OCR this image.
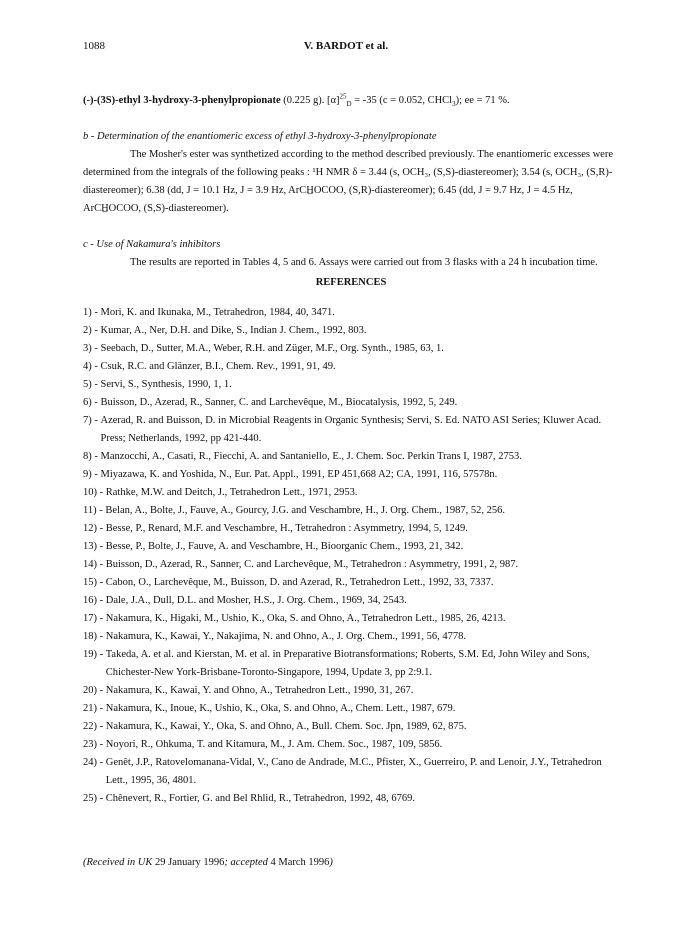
1088	V. BARDOT et al.

(-)-(3S)-ethyl 3-hydroxy-3-phenylpropionate (0.225 g). $[\alpha]^{25}_D = -35$ (c = 0.052, CHCl$_3$); ee = 71 %.

b - Determination of the enantiomeric excess of ethyl 3-hydroxy-3-phenylpropionate

The Mosher's ester was synthetized according to the method described previously. The enantiomeric excesses were determined from the integrals of the following peaks : ¹H NMR δ = 3.44 (s, OCH₃, (S,S)-diastereomer); 3.54 (s, OCH₃, (S,R)-diastereomer); 6.38 (dd, J = 10.1 Hz, J = 3.9 Hz, ArCH̲OCOO, (S,R)-diastereomer); 6.45 (dd, J = 9.7 Hz, J = 4.5 Hz, ArCH̲OCOO, (S,S)-diastereomer).

c - Use of Nakamura's inhibitors

The results are reported in Tables 4, 5 and 6. Assays were carried out from 3 flasks with a 24 h incubation time.

REFERENCES

1) - Mori, K. and Ikunaka, M., Tetrahedron, 1984, 40, 3471.
2) - Kumar, A., Ner, D.H. and Dike, S., Indian J. Chem., 1992, 803.
3) - Seebach, D., Sutter, M.A., Weber, R.H. and Züger, M.F., Org. Synth., 1985, 63, 1.
4) - Csuk, R.C. and Glänzer, B.I., Chem. Rev., 1991, 91, 49.
5) - Servi, S., Synthesis, 1990, 1, 1.
6) - Buisson, D., Azerad, R., Sanner, C. and Larchevêque, M., Biocatalysis, 1992, 5, 249.
7) - Azerad, R. and Buisson, D. in Microbial Reagents in Organic Synthesis; Servi, S. Ed. NATO ASI Series; Kluwer Acad. Press; Netherlands, 1992, pp 421-440.
8) - Manzocchi, A., Casati, R., Fiecchi, A. and Santaniello, E., J. Chem. Soc. Perkin Trans I, 1987, 2753.
9) - Miyazawa, K. and Yoshida, N., Eur. Pat. Appl., 1991, EP 451,668 A2; CA, 1991, 116, 57578n.
10) - Rathke, M.W. and Deitch, J., Tetrahedron Lett., 1971, 2953.
11) - Belan, A., Bolte, J., Fauve, A., Gourcy, J.G. and Veschambre, H., J. Org. Chem., 1987, 52, 256.
12) - Besse, P., Renard, M.F. and Veschambre, H., Tetrahedron : Asymmetry, 1994, 5, 1249.
13) - Besse, P., Bolte, J., Fauve, A. and Veschambre, H., Bioorganic Chem., 1993, 21, 342.
14) - Buisson, D., Azerad, R., Sanner, C. and Larchevêque, M., Tetrahedron : Asymmetry, 1991, 2, 987.
15) - Cabon, O., Larchevêque, M., Buisson, D. and Azerad, R., Tetrahedron Lett., 1992, 33, 7337.
16) - Dale, J.A., Dull, D.L. and Mosher, H.S., J. Org. Chem., 1969, 34, 2543.
17) - Nakamura, K., Higaki, M., Ushio, K., Oka, S. and Ohno, A., Tetrahedron Lett., 1985, 26, 4213.
18) - Nakamura, K., Kawai, Y., Nakajima, N. and Ohno, A., J. Org. Chem., 1991, 56, 4778.
19) - Takeda, A. et al. and Kierstan, M. et al. in Preparative Biotransformations; Roberts, S.M. Ed, John Wiley and Sons, Chichester-New York-Brisbane-Toronto-Singapore, 1994, Update 3, pp 2:9.1.
20) - Nakamura, K., Kawai, Y. and Ohno, A., Tetrahedron Lett., 1990, 31, 267.
21) - Nakamura, K., Inoue, K., Ushio, K., Oka, S. and Ohno, A., Chem. Lett., 1987, 679.
22) - Nakamura, K., Kawai, Y., Oka, S. and Ohno, A., Bull. Chem. Soc. Jpn, 1989, 62, 875.
23) - Noyori, R., Ohkuma, T. and Kitamura, M., J. Am. Chem. Soc., 1987, 109, 5856.
24) - Genêt, J.P., Ratovelomanana-Vidal, V., Cano de Andrade, M.C., Pfister, X., Guerreiro, P. and Lenoir, J.Y., Tetrahedron Lett., 1995, 36, 4801.
25) - Chênevert, R., Fortier, G. and Bel Rhlid, R., Tetrahedron, 1992, 48, 6769.

(Received in UK 29 January 1996; accepted 4 March 1996)
